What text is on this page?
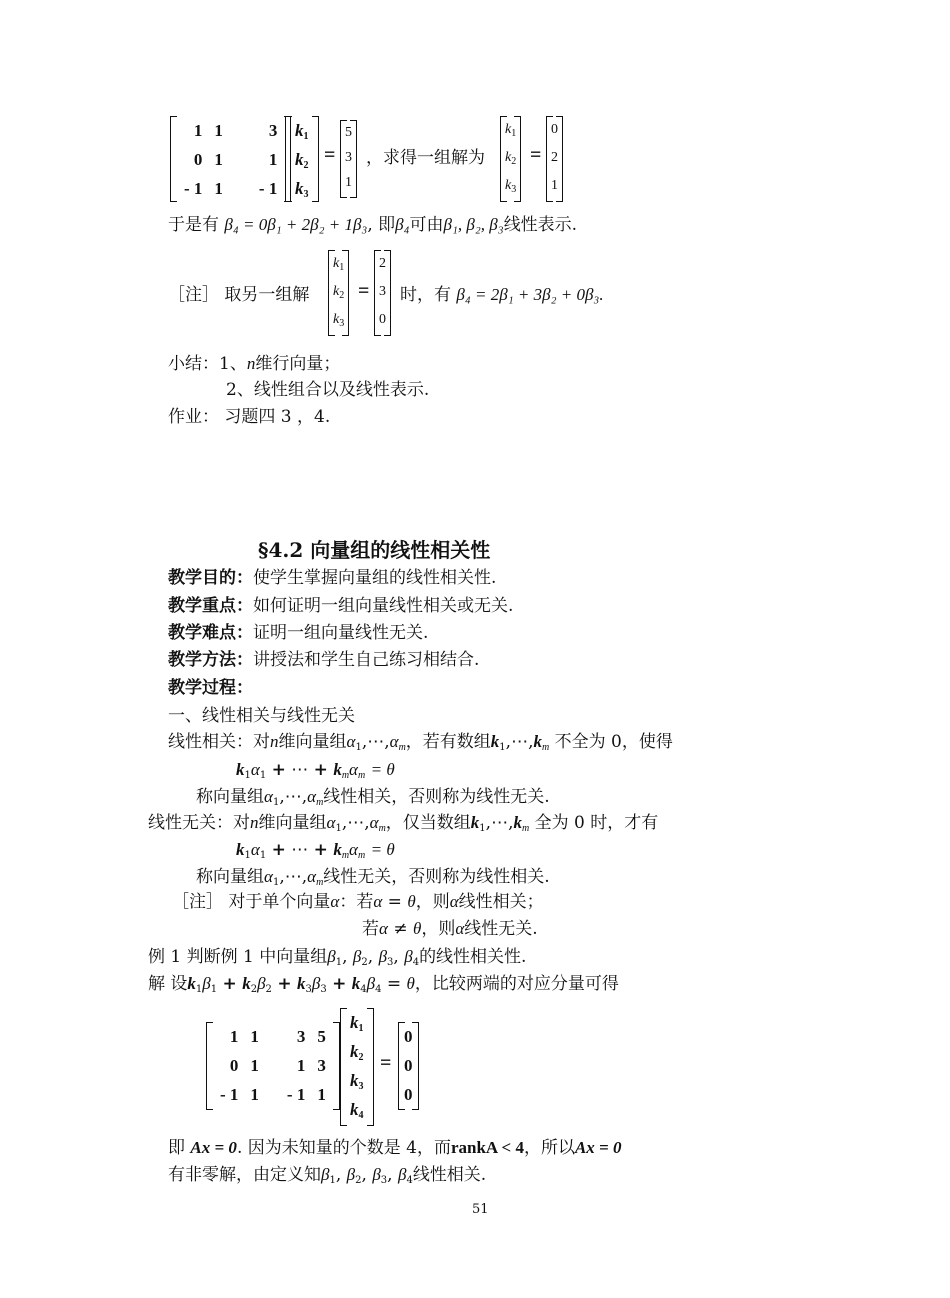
1	1	3
0	1	1
- 1	1	- 1
$k_1$
$k_2$
$k_3$
=
5
3
1
，求得一组解为
$k_1$
$k_2$
$k_3$
=
0
2
1
于是有 β₄ = 0β₁ + 2β₂ + 1β₃, 即β₄可由β₁, β₂, β₃线性表示.
［注］ 取另一组解
$k_1$
$k_2$
$k_3$
=
2
3
0
时，有 β₄ = 2β₁ + 3β₂ + 0β₃.
小结：1、n维行向量；
2、线性组合以及线性表示.
作业： 习题四 3 ，4.
§4.2 向量组的线性相关性
教学目的：使学生掌握向量组的线性相关性.
教学重点：如何证明一组向量线性相关或无关.
教学难点：证明一组向量线性无关.
教学方法：讲授法和学生自己练习相结合.
教学过程：
一、线性相关与线性无关
线性相关：对n维向量组$\alpha_1,\cdots,\alpha_m$，若有数组$k_1,\cdots,k_m$ 不全为 0，使得
$k_1\alpha_1$ + ⋯ + $k_m\alpha_m = \theta$
称向量组$\alpha_1,\cdots,\alpha_m$线性相关，否则称为线性无关.
线性无关：对n维向量组$\alpha_1,\cdots,\alpha_m$，仅当数组$k_1,\cdots,k_m$ 全为 0 时，才有
$k_1\alpha_1$ + ⋯ + $k_m\alpha_m = \theta$
称向量组$\alpha_1,\cdots,\alpha_m$线性无关，否则称为线性相关.
［注］ 对于单个向量α：若α = θ，则α线性相关；
若α ≠ θ，则α线性无关.
例 1 判断例 1 中向量组$\beta_1$, $\beta_2$, $\beta_3$, $\beta_4$的线性相关性.
解 设$k_1\beta_1 + k_2\beta_2 + k_3\beta_3 + k_4\beta_4 = \theta$，比较两端的对应分量可得
1	1	3	5
0	1	1	3
- 1	1	- 1	1
$k_1$
$k_2$
$k_3$
$k_4$
=
0
0
0
即 Ax = 0. 因为未知量的个数是 4，而rankA < 4，所以Ax = 0
有非零解，由定义知$\beta_1$, $\beta_2$, $\beta_3$, $\beta_4$线性相关.
51
